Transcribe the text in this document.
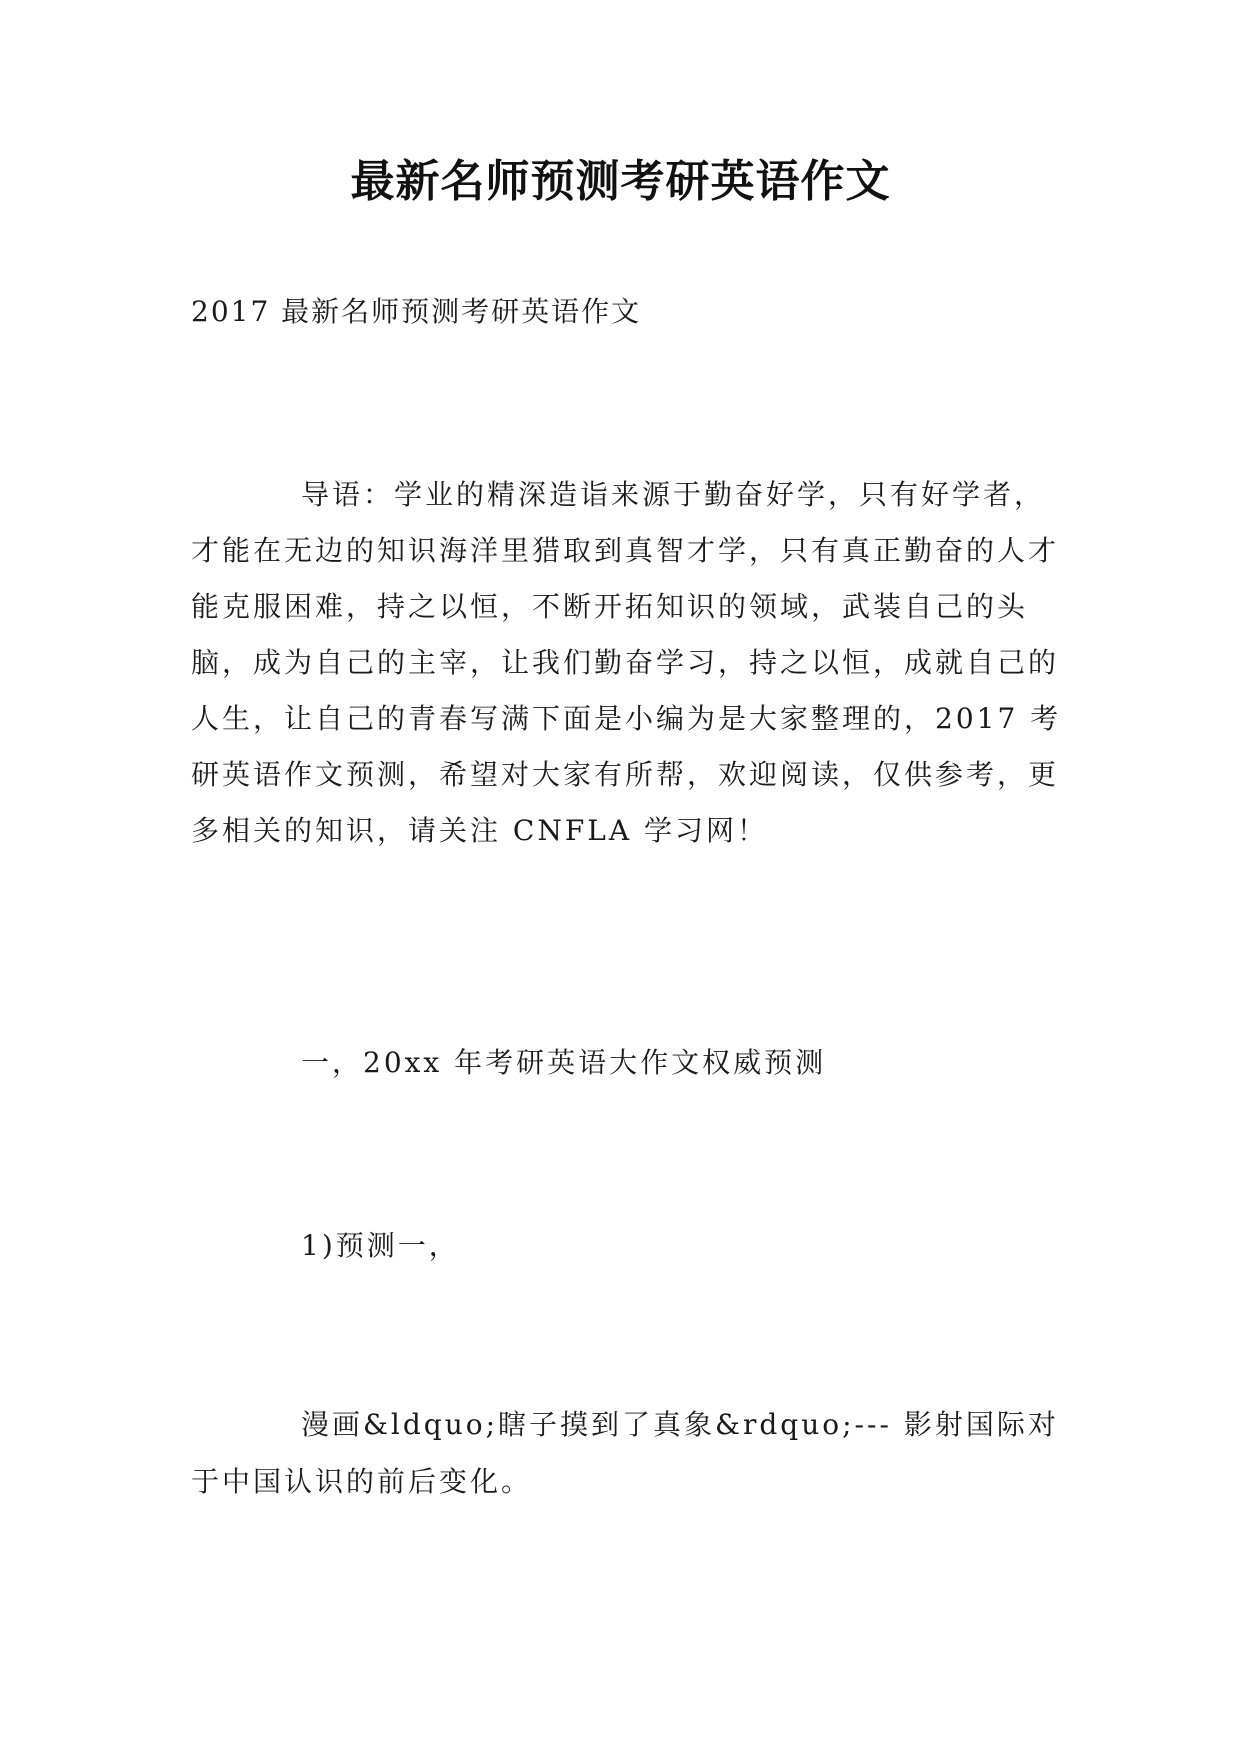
最新名师预测考研英语作文
2017 最新名师预测考研英语作文
导语：学业的精深造诣来源于勤奋好学，只有好学者，才能在无边的知识海洋里猎取到真智才学，只有真正勤奋的人才能克服困难，持之以恒，不断开拓知识的领域，武装自己的头脑，成为自己的主宰，让我们勤奋学习，持之以恒，成就自己的人生，让自己的青春写满下面是小编为是大家整理的，2017 考研英语作文预测，希望对大家有所帮，欢迎阅读，仅供参考，更多相关的知识，请关注 CNFLA 学习网！
一，20xx 年考研英语大作文权威预测
1)预测一，
漫画&ldquo;瞎子摸到了真象&rdquo;--- 影射国际对于中国认识的前后变化。
